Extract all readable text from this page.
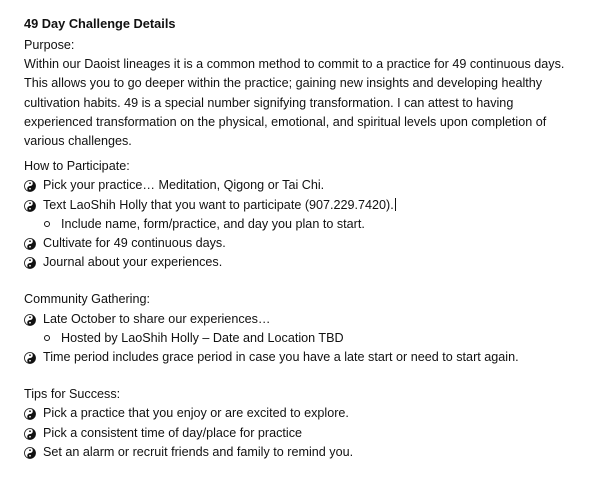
49 Day Challenge Details
Purpose:
Within our Daoist lineages it is a common method to commit to a practice for 49 continuous days.
This allows you to go deeper within the practice; gaining new insights and developing healthy
cultivation habits. 49 is a special number signifying transformation. I can attest to having
experienced transformation on the physical, emotional, and spiritual levels upon completion of
various challenges.
How to Participate:
Pick your practice… Meditation, Qigong or Tai Chi.
Text LaoShih Holly that you want to participate (907.229.7420).
Include name, form/practice, and day you plan to start.
Cultivate for 49 continuous days.
Journal about your experiences.
Community Gathering:
Late October to share our experiences…
Hosted by LaoShih Holly – Date and Location TBD
Time period includes grace period in case you have a late start or need to start again.
Tips for Success:
Pick a practice that you enjoy or are excited to explore.
Pick a consistent time of day/place for practice
Set an alarm or recruit friends and family to remind you.
